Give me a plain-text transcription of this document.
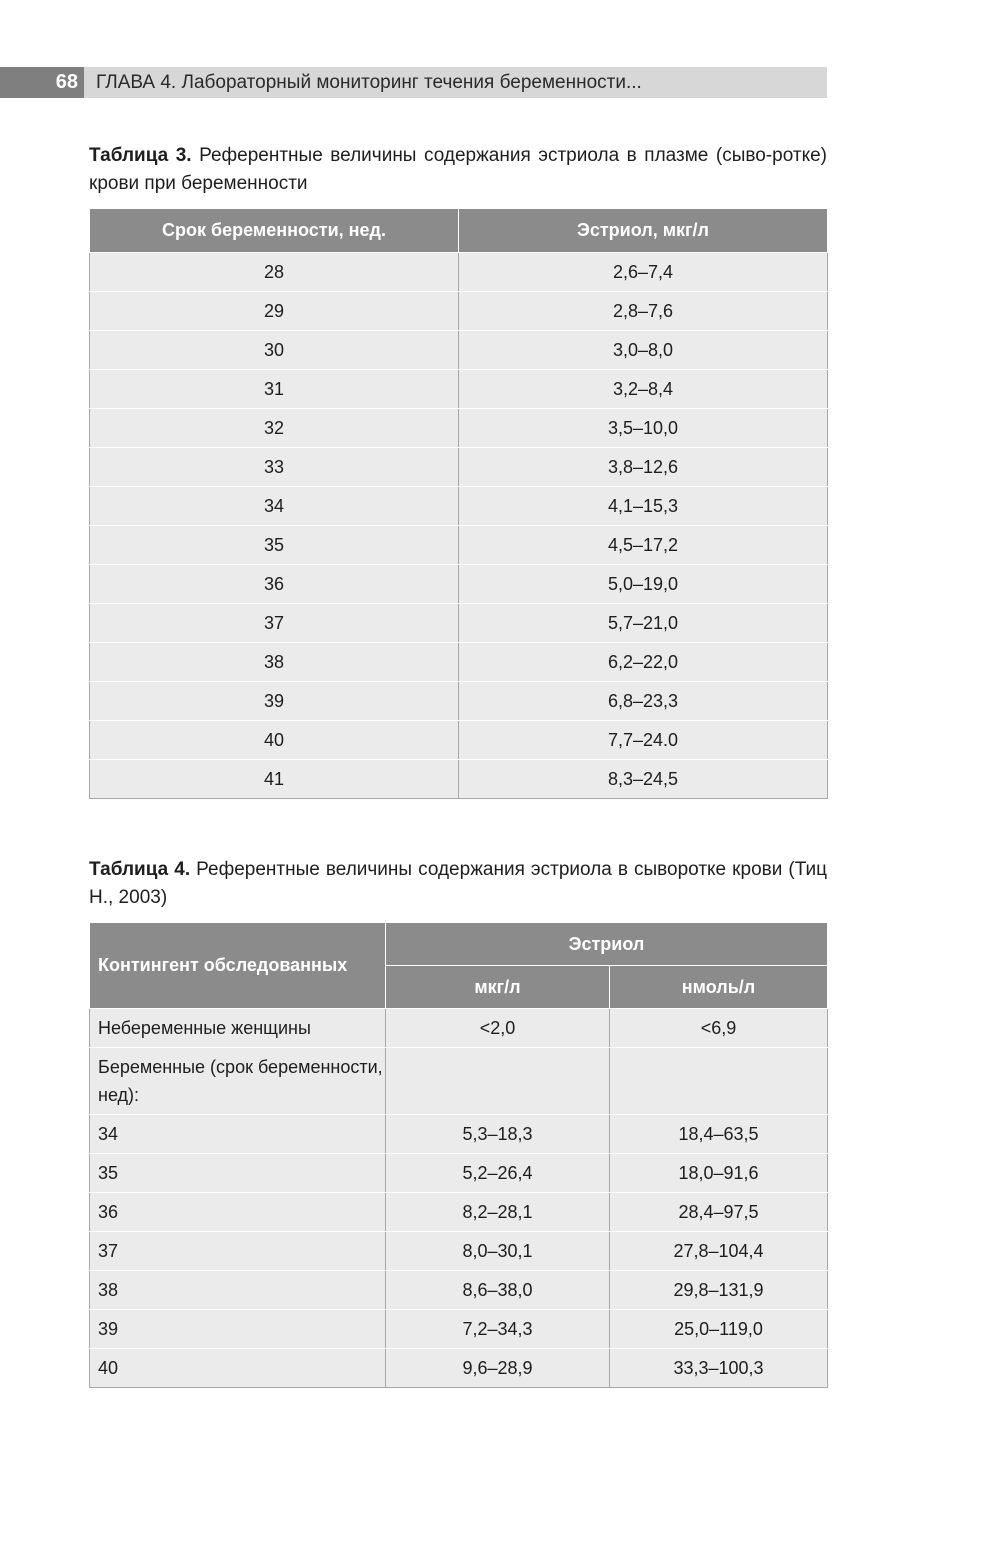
68 ГЛАВА 4. Лабораторный мониторинг течения беременности...
Таблица 3. Референтные величины содержания эстриола в плазме (сыво-ротке) крови при беременности
Срок беременности, нед.	Эстриол, мкг/л
28	2,6–7,4
29	2,8–7,6
30	3,0–8,0
31	3,2–8,4
32	3,5–10,0
33	3,8–12,6
34	4,1–15,3
35	4,5–17,2
36	5,0–19,0
37	5,7–21,0
38	6,2–22,0
39	6,8–23,3
40	7,7–24.0
41	8,3–24,5
Таблица 4. Референтные величины содержания эстриола в сыворотке крови (Тиц Н., 2003)
Контингент обследованных	Эстриол	
	мкг/л	нмоль/л
Небеременные женщины	<2,0	<6,9
Беременные (срок беременности, нед):		
34	5,3–18,3	18,4–63,5
35	5,2–26,4	18,0–91,6
36	8,2–28,1	28,4–97,5
37	8,0–30,1	27,8–104,4
38	8,6–38,0	29,8–131,9
39	7,2–34,3	25,0–119,0
40	9,6–28,9	33,3–100,3
